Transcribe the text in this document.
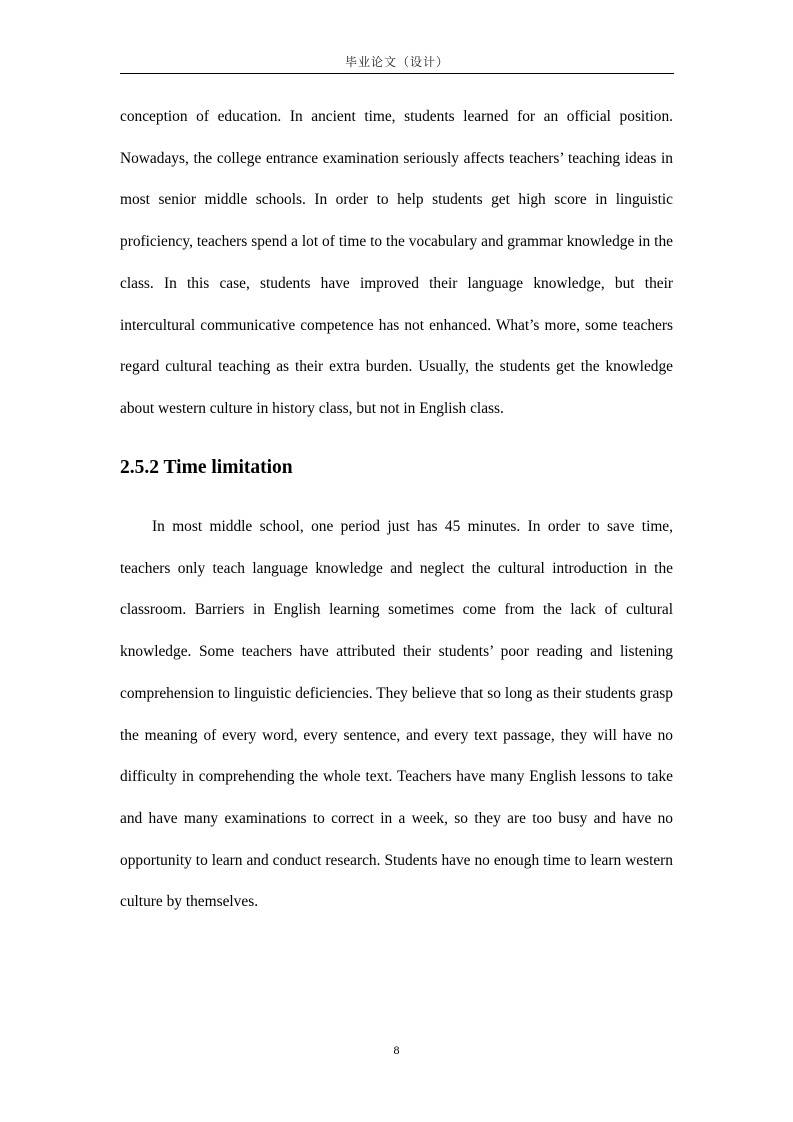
毕业论文（设计）

conception of education. In ancient time, students learned for an official position. Nowadays, the college entrance examination seriously affects teachers’ teaching ideas in most senior middle schools. In order to help students get high score in linguistic proficiency, teachers spend a lot of time to the vocabulary and grammar knowledge in the class. In this case, students have improved their language knowledge, but their intercultural communicative competence has not enhanced. What’s more, some teachers regard cultural teaching as their extra burden. Usually, the students get the knowledge about western culture in history class, but not in English class.

2.5.2 Time limitation

In most middle school, one period just has 45 minutes. In order to save time, teachers only teach language knowledge and neglect the cultural introduction in the classroom. Barriers in English learning sometimes come from the lack of cultural knowledge. Some teachers have attributed their students’ poor reading and listening comprehension to linguistic deficiencies. They believe that so long as their students grasp the meaning of every word, every sentence, and every text passage, they will have no difficulty in comprehending the whole text. Teachers have many English lessons to take and have many examinations to correct in a week, so they are too busy and have no opportunity to learn and conduct research. Students have no enough time to learn western culture by themselves.

8
